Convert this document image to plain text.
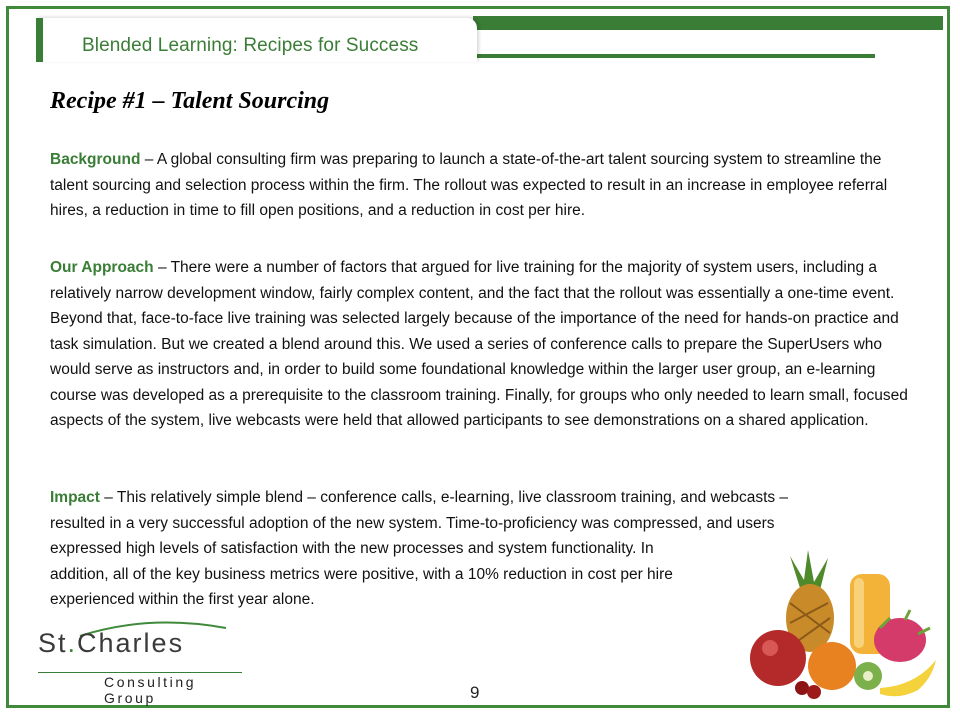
Blended Learning: Recipes for Success
Recipe #1 – Talent Sourcing
Background – A global consulting firm was preparing to launch a state-of-the-art talent sourcing system to streamline the talent sourcing and selection process within the firm. The rollout was expected to result in an increase in employee referral hires, a reduction in time to fill open positions, and a reduction in cost per hire.
Our Approach – There were a number of factors that argued for live training for the majority of system users, including a relatively narrow development window, fairly complex content, and the fact that the rollout was essentially a one-time event. Beyond that, face-to-face live training was selected largely because of the importance of the need for hands-on practice and task simulation. But we created a blend around this. We used a series of conference calls to prepare the SuperUsers who would serve as instructors and, in order to build some foundational knowledge within the larger user group, an e-learning course was developed as a prerequisite to the classroom training. Finally, for groups who only needed to learn small, focused aspects of the system, live webcasts were held that allowed participants to see demonstrations on a shared application.
Impact – This relatively simple blend – conference calls, e-learning, live classroom training, and webcasts –
resulted in a very successful adoption of the new system. Time-to-proficiency was compressed, and users
expressed high levels of satisfaction with the new processes and system functionality. In
addition, all of the key business metrics were positive, with a 10% reduction in cost per hire
experienced within the first year alone.
St.Charles
Consulting Group	9
